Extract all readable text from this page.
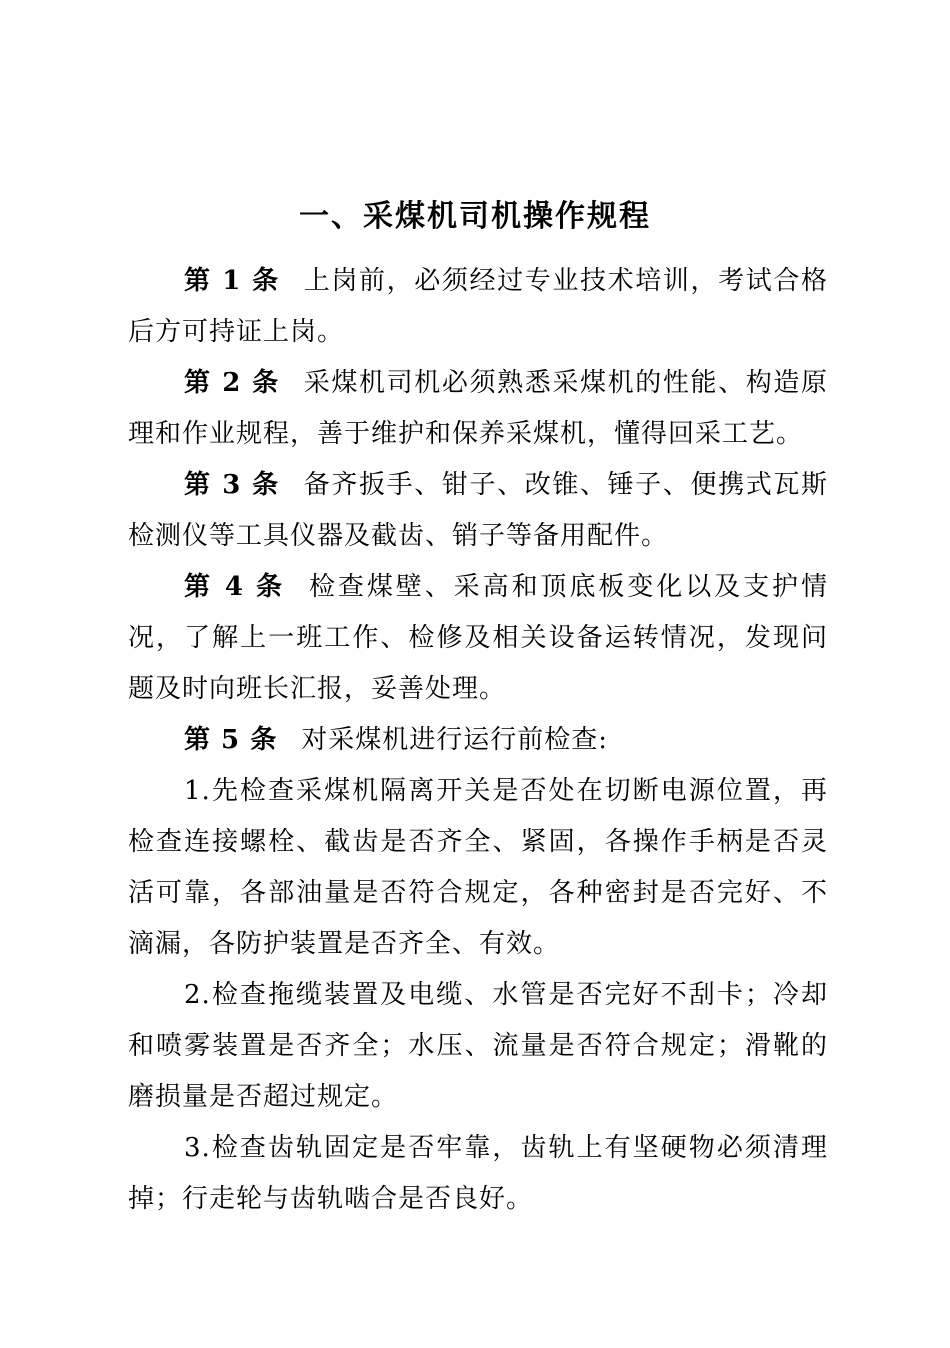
一、采煤机司机操作规程

第 1 条 上岗前，必须经过专业技术培训，考试合格后方可持证上岗。

第 2 条 采煤机司机必须熟悉采煤机的性能、构造原理和作业规程，善于维护和保养采煤机，懂得回采工艺。

第 3 条 备齐扳手、钳子、改锥、锤子、便携式瓦斯检测仪等工具仪器及截齿、销子等备用配件。

第 4 条 检查煤壁、采高和顶底板变化以及支护情况，了解上一班工作、检修及相关设备运转情况，发现问题及时向班长汇报，妥善处理。

第 5 条 对采煤机进行运行前检查:

1.先检查采煤机隔离开关是否处在切断电源位置，再检查连接螺栓、截齿是否齐全、紧固，各操作手柄是否灵活可靠，各部油量是否符合规定，各种密封是否完好、不滴漏，各防护装置是否齐全、有效。

2.检查拖缆装置及电缆、水管是否完好不刮卡；冷却和喷雾装置是否齐全；水压、流量是否符合规定；滑靴的磨损量是否超过规定。

3.检查齿轨固定是否牢靠，齿轨上有坚硬物必须清理掉；行走轮与齿轨啮合是否良好。
